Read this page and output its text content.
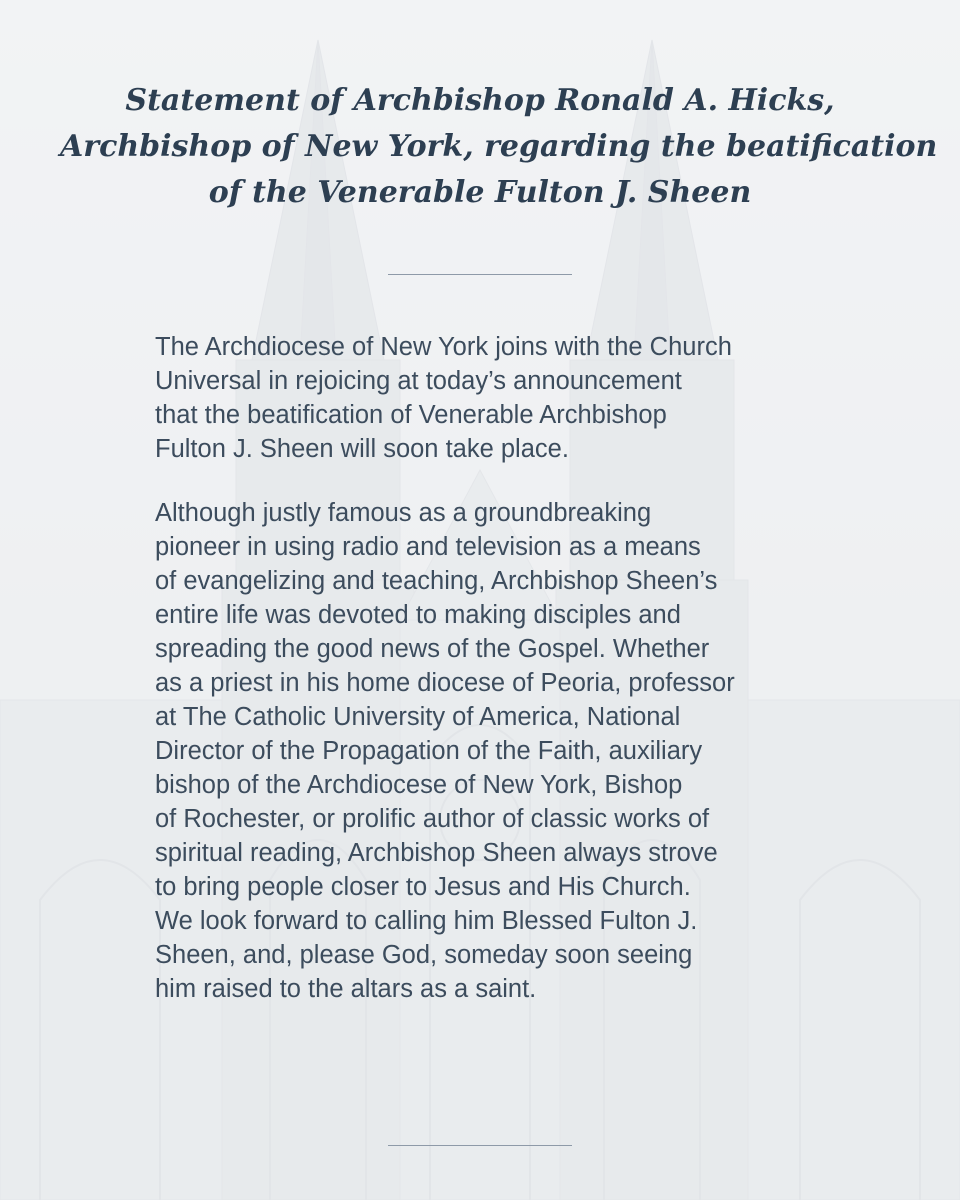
Statement of Archbishop Ronald A. Hicks,
Archbishop of New York, regarding the beatification
of the Venerable Fulton J. Sheen

The Archdiocese of New York joins with the Church
Universal in rejoicing at today’s announcement
that the beatification of Venerable Archbishop
Fulton J. Sheen will soon take place.

Although justly famous as a groundbreaking
pioneer in using radio and television as a means
of evangelizing and teaching, Archbishop Sheen’s
entire life was devoted to making disciples and
spreading the good news of the Gospel. Whether
as a priest in his home diocese of Peoria, professor
at The Catholic University of America, National
Director of the Propagation of the Faith, auxiliary
bishop of the Archdiocese of New York, Bishop
of Rochester, or prolific author of classic works of
spiritual reading, Archbishop Sheen always strove
to bring people closer to Jesus and His Church.
We look forward to calling him Blessed Fulton J.
Sheen, and, please God, someday soon seeing
him raised to the altars as a saint.
